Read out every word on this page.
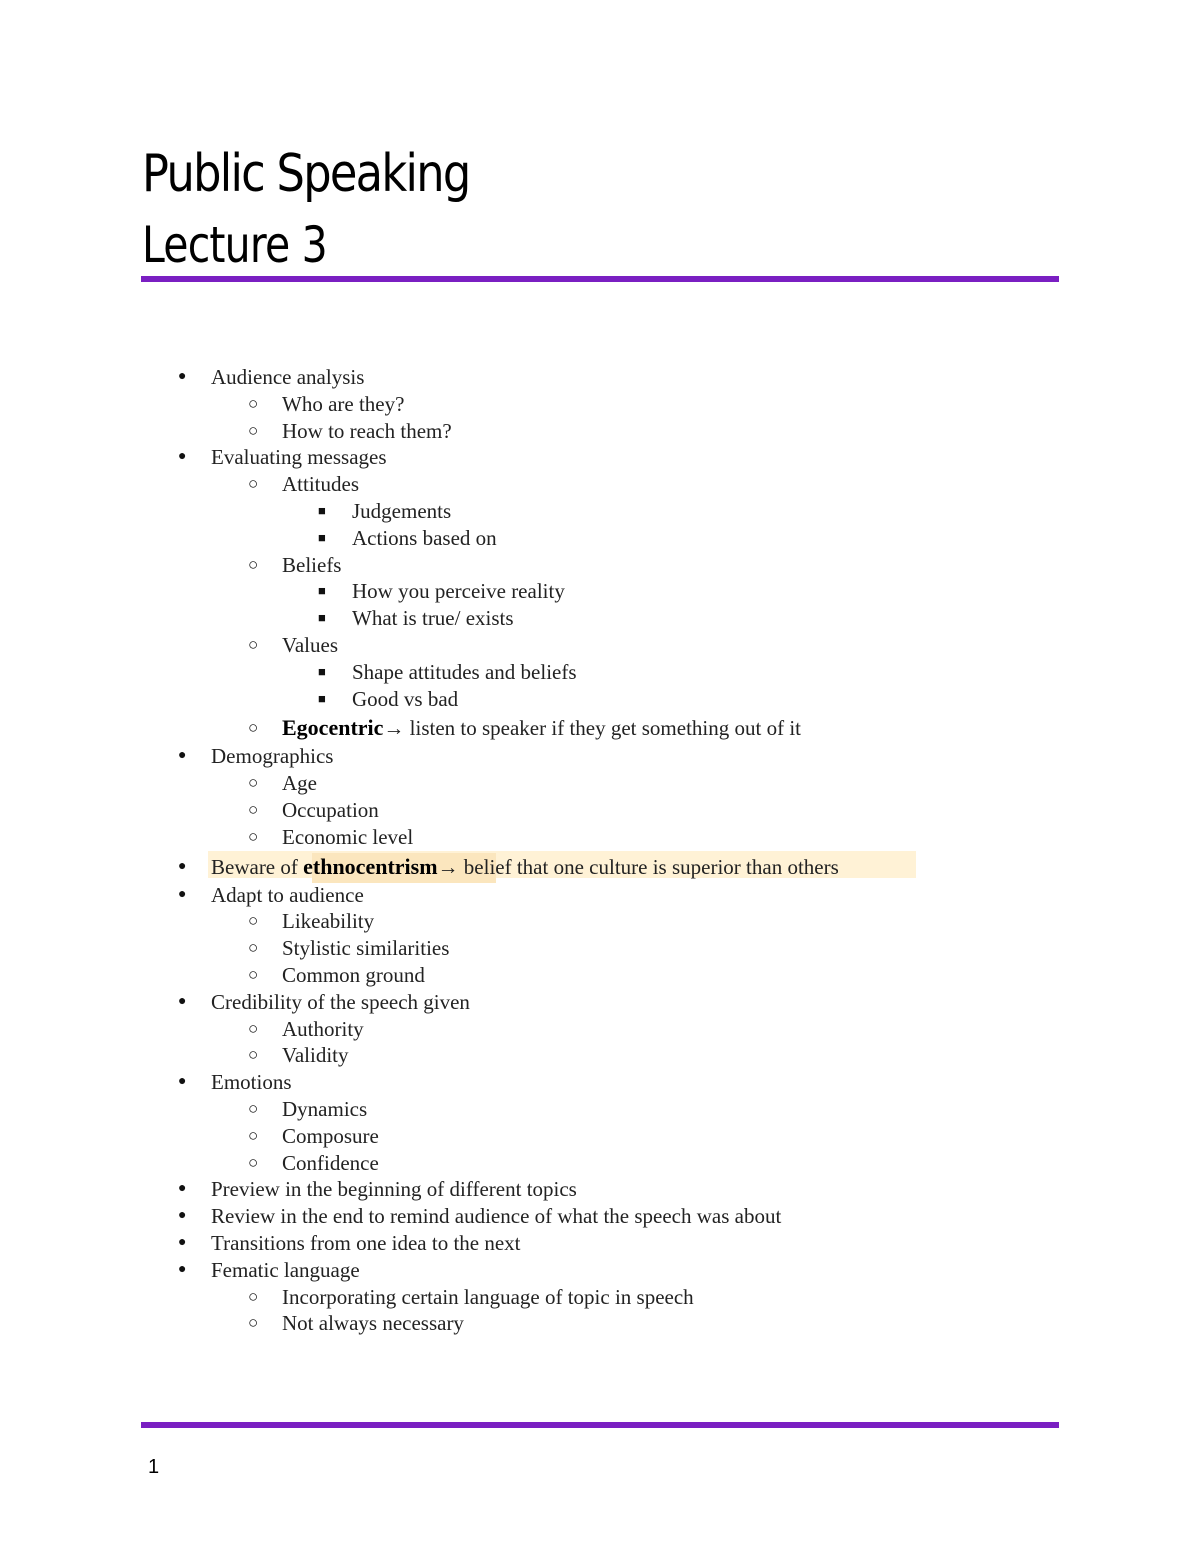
Public Speaking
Lecture 3
● Audience analysis
○ Who are they?
○ How to reach them?
● Evaluating messages
○ Attitudes
■ Judgements
■ Actions based on
○ Beliefs
■ How you perceive reality
■ What is true/ exists
○ Values
■ Shape attitudes and beliefs
■ Good vs bad
○ Egocentric→ listen to speaker if they get something out of it
● Demographics
○ Age
○ Occupation
○ Economic level
● Beware of ethnocentrism→ belief that one culture is superior than others
● Adapt to audience
○ Likeability
○ Stylistic similarities
○ Common ground
● Credibility of the speech given
○ Authority
○ Validity
● Emotions
○ Dynamics
○ Composure
○ Confidence
● Preview in the beginning of different topics
● Review in the end to remind audience of what the speech was about
● Transitions from one idea to the next
● Fematic language
○ Incorporating certain language of topic in speech
○ Not always necessary
1
